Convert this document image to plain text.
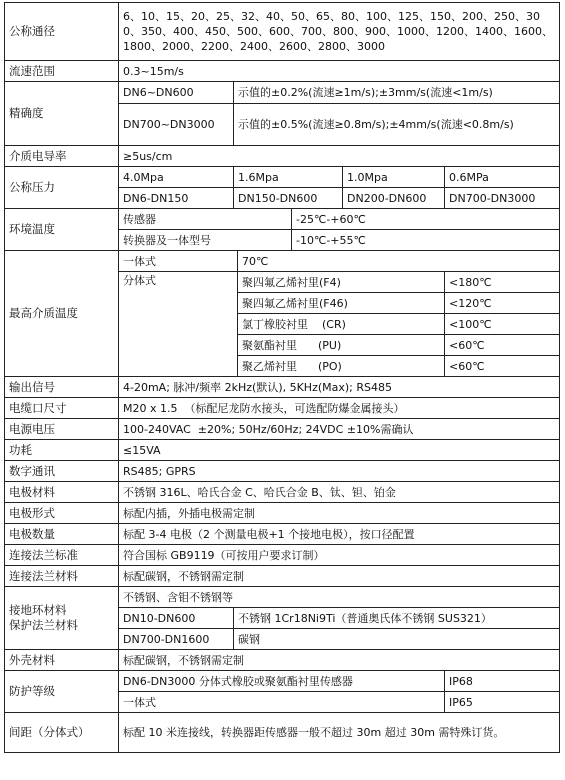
公称通径	6、10、15、20、25、32、40、50、65、80、100、125、150、200、250、300、350、400、450、500、600、700、800、900、1000、1200、1400、1600、1800、2000、2200、2400、2600、2800、3000					
流速范围	0.3~15m/s					
精确度	DN6~DN600	示值的±0.2%(流速≥1m/s);±3mm/s(流速<1m/s)				
	DN700~DN3000	示值的±0.5%(流速≥0.8m/s);±4mm/s(流速<0.8m/s)				
介质电导率	≥5us/cm					
公称压力	4.0Mpa	1.6Mpa			1.0Mpa	0.6MPa
	DN6-DN150	DN150-DN600			DN200-DN600	DN700-DN3000
环境温度	传感器			-25℃-+60℃		
	转换器及一体型号			-10℃-+55℃		
最高介质温度	一体式		70℃			
	分体式		聚四氟乙烯衬里(F4)			<180℃
			聚四氟乙烯衬里(F46)			<120℃
			氯丁橡胶衬里    (CR)			<100℃
			聚氨酯衬里      (PU)			<60℃
			聚乙烯衬里      (PO)			<60℃
输出信号	4-20mA; 脉冲/频率 2kHz(默认), 5KHz(Max); RS485					
电缆口尺寸	M20 x 1.5  （标配尼龙防水接头，可选配防爆金属接头）					
电源电压	100-240VAC  ±20%; 50Hz/60Hz; 24VDC ±10%需确认					
功耗	≤15VA					
数字通讯	RS485; GPRS					
电极材料	不锈钢 316L、哈氏合金 C、哈氏合金 B、钛、钽、铂金					
电极形式	标配内插，外插电极需定制					
电极数量	标配 3-4 电极（2 个测量电极+1 个接地电极），按口径配置					
连接法兰标准	符合国标 GB9119（可按用户要求订制）					
连接法兰材料	标配碳钢，不锈钢需定制					

接地环材料
保护法兰材料	不锈钢、含钼不锈钢等					
	DN10-DN600	不锈钢 1Cr18Ni9Ti（普通奥氏体不锈钢 SUS321）				
	DN700-DN1600	碳钢				
外壳材料	标配碳钢，不锈钢需定制					
防护等级	DN6-DN3000 分体式橡胶或聚氨酯衬里传感器					IP68
	一体式					IP65
间距（分体式）	标配 10 米连接线，转换器距传感器一般不超过 30m 超过 30m 需特殊订货。					
